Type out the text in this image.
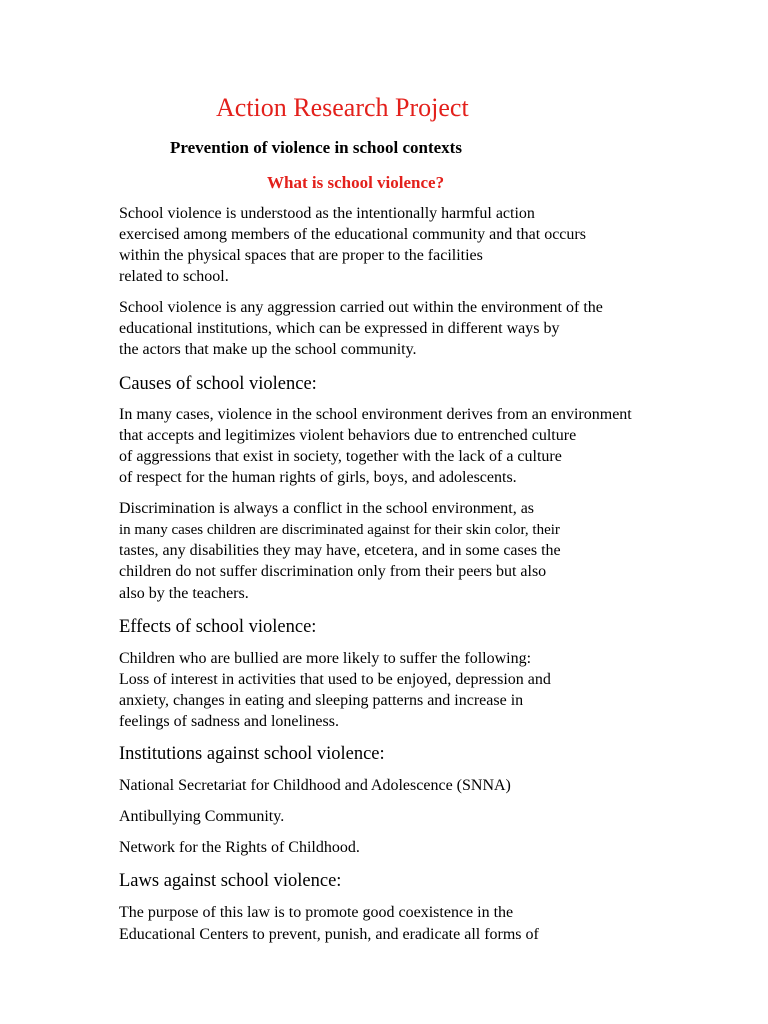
Action Research Project
Prevention of violence in school contexts
What is school violence?
School violence is understood as the intentionally harmful action
exercised among members of the educational community and that occurs
within the physical spaces that are proper to the facilities
related to school.
School violence is any aggression carried out within the environment of the
educational institutions, which can be expressed in different ways by
the actors that make up the school community.
Causes of school violence:
In many cases, violence in the school environment derives from an environment
that accepts and legitimizes violent behaviors due to entrenched culture
of aggressions that exist in society, together with the lack of a culture
of respect for the human rights of girls, boys, and adolescents.
Discrimination is always a conflict in the school environment, as
in many cases children are discriminated against for their skin color, their
tastes, any disabilities they may have, etcetera, and in some cases the
children do not suffer discrimination only from their peers but also
also by the teachers.
Effects of school violence:
Children who are bullied are more likely to suffer the following:
Loss of interest in activities that used to be enjoyed, depression and
anxiety, changes in eating and sleeping patterns and increase in
feelings of sadness and loneliness.
Institutions against school violence:
National Secretariat for Childhood and Adolescence (SNNA)
Antibullying Community.
Network for the Rights of Childhood.
Laws against school violence:
The purpose of this law is to promote good coexistence in the
Educational Centers to prevent, punish, and eradicate all forms of
